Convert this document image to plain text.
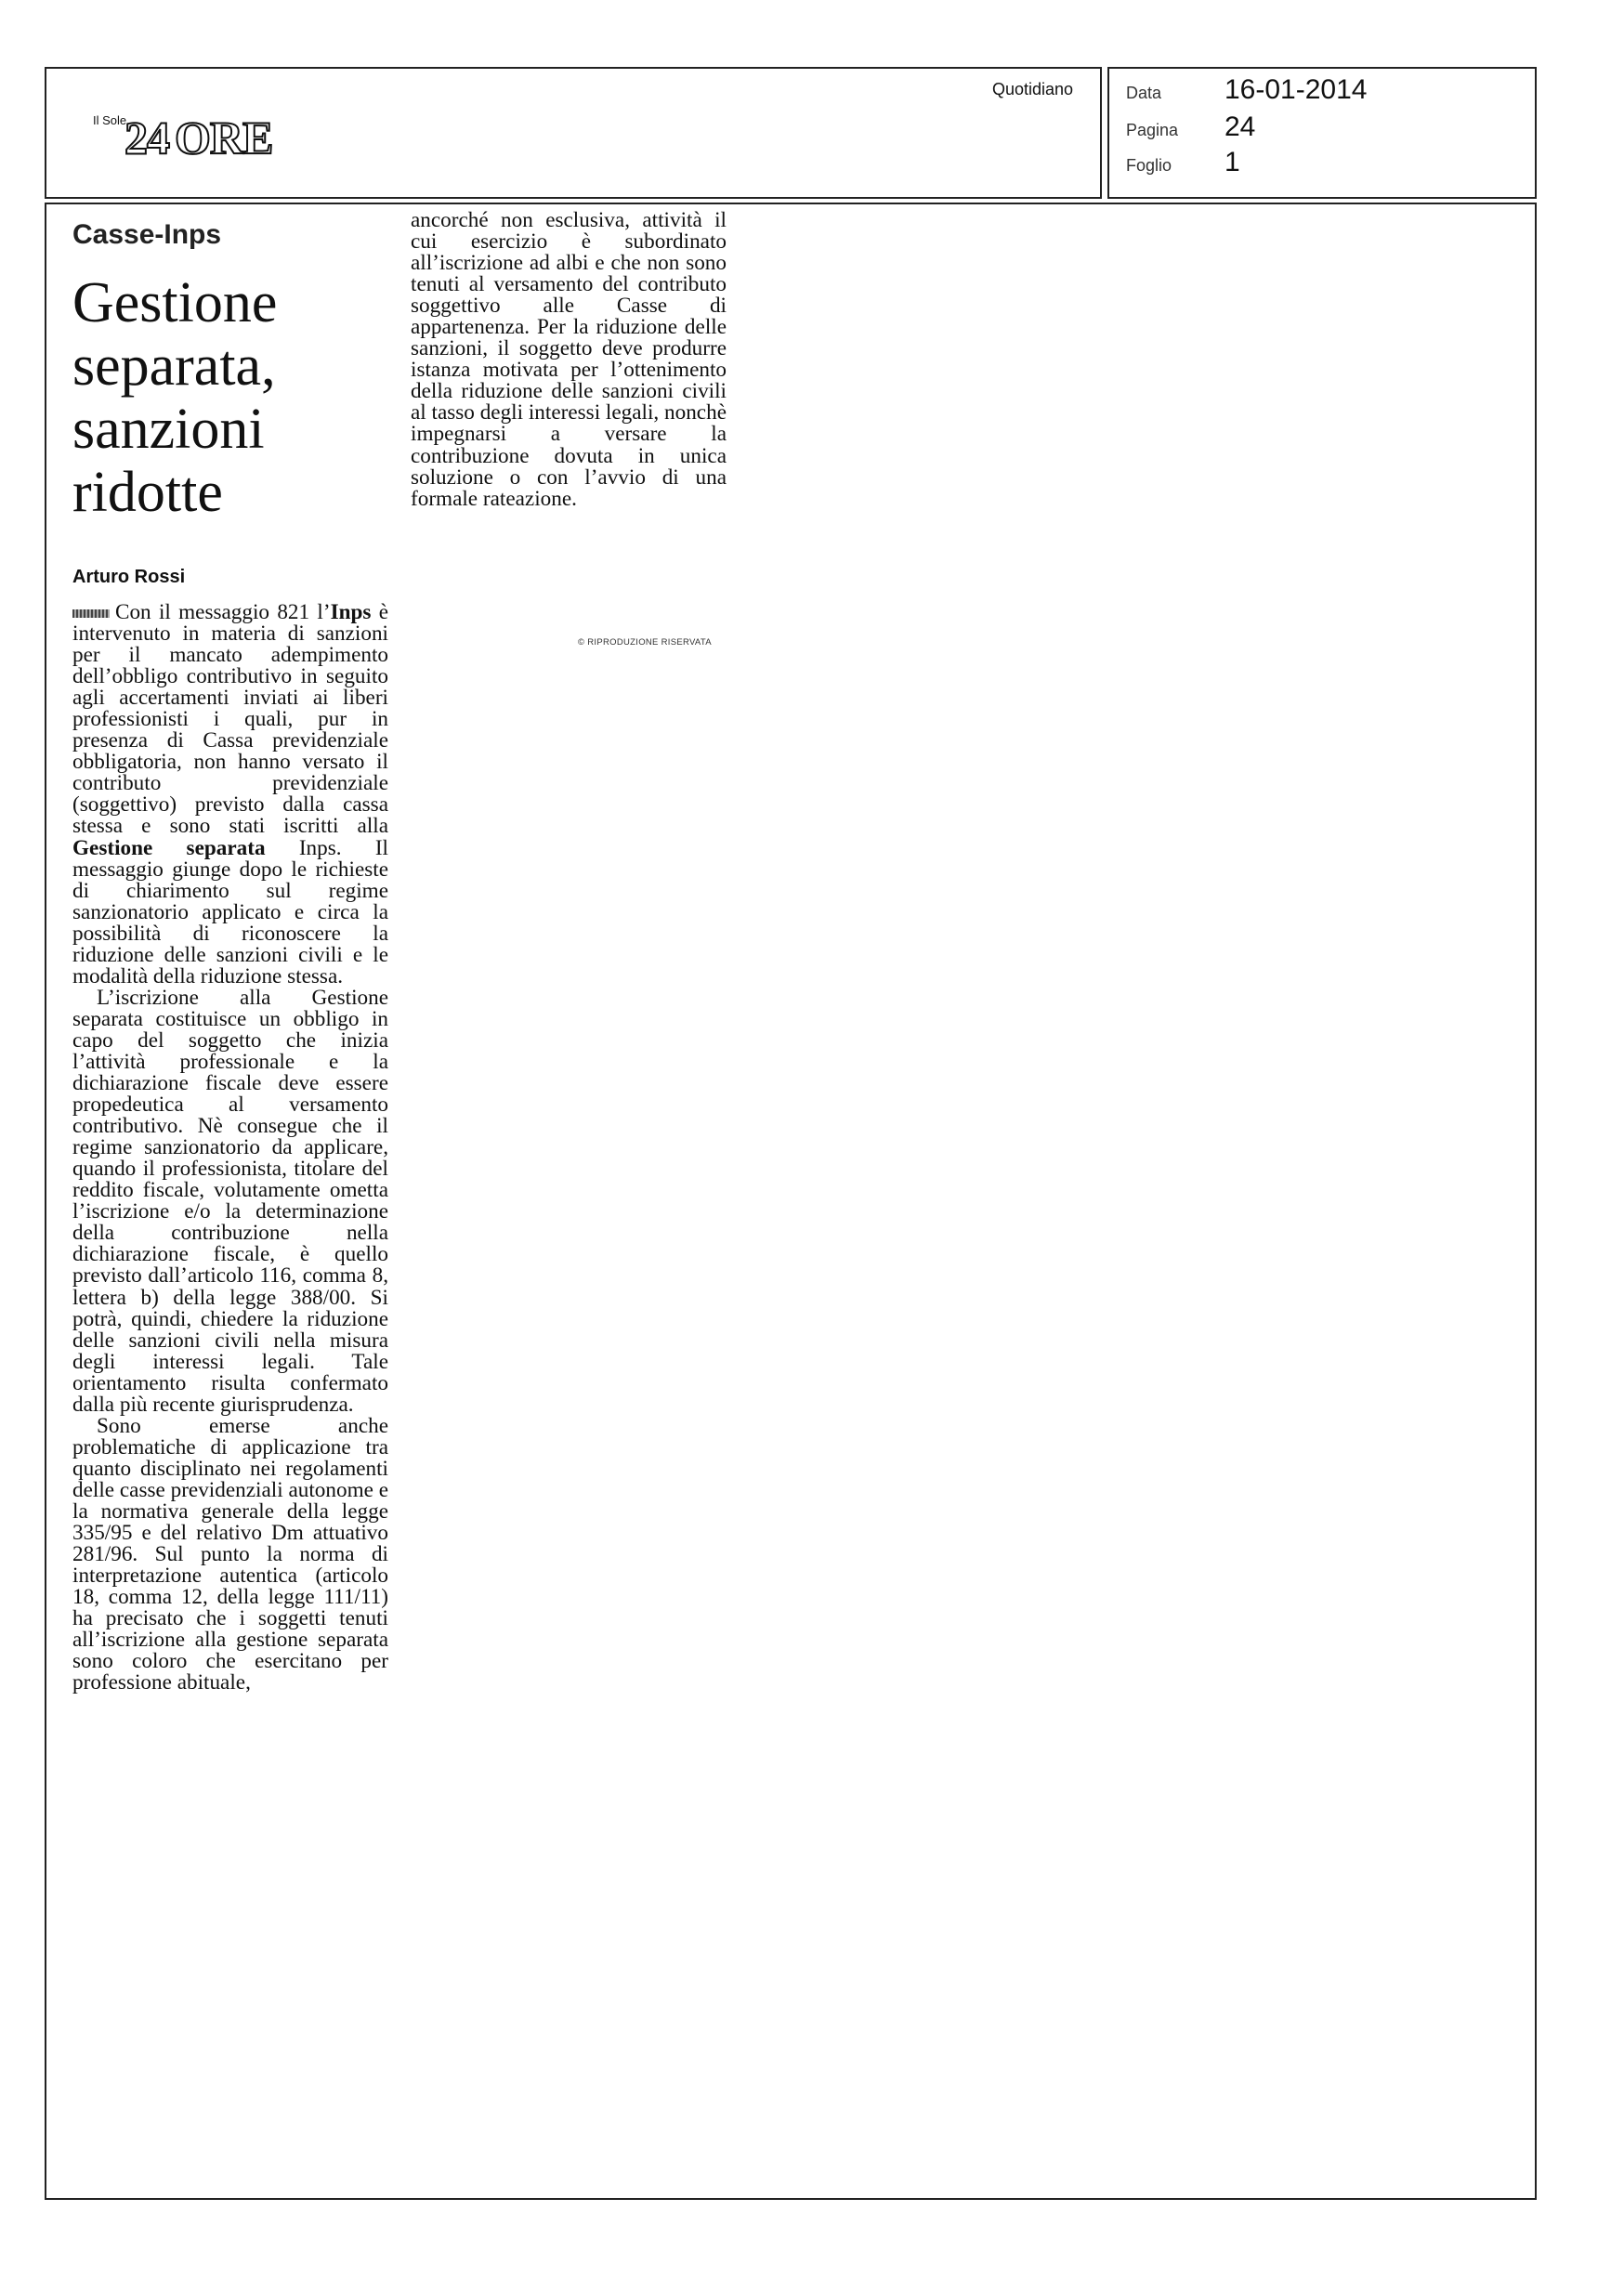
Il Sole
24 ORE
Quotidiano	Data 16-01-2014
Pagina 24
Foglio 1
Casse-Inps
Gestione
separata,
sanzioni
ridotte
Arturo Rossi

Con il messaggio 821 l’Inps è intervenuto in materia di sanzioni per il mancato adempimento dell’obbligo contributivo in seguito agli accertamenti inviati ai liberi professionisti i quali, pur in presenza di Cassa previdenziale obbligatoria, non hanno versato il contributo previdenziale (soggettivo) previsto dalla cassa stessa e sono stati iscritti alla Gestione separata Inps. Il messaggio giunge dopo le richieste di chiarimento sul regime sanzionatorio applicato e circa la possibilità di riconoscere la riduzione delle sanzioni civili e le modalità della riduzione stessa.

L’iscrizione alla Gestione separata costituisce un obbligo in capo del soggetto che inizia l’attività professionale e la dichiarazione fiscale deve essere propedeutica al versamento contributivo. Nè consegue che il regime sanzionatorio da applicare, quando il professionista, titolare del reddito fiscale, volutamente ometta l’iscrizione e/o la determinazione della contribuzione nella dichiarazione fiscale, è quello previsto dall’articolo 116, comma 8, lettera b) della legge 388/00. Si potrà, quindi, chiedere la riduzione delle sanzioni civili nella misura degli interessi legali. Tale orientamento risulta confermato dalla più recente giurisprudenza.

Sono emerse anche problematiche di applicazione tra quanto disciplinato nei regolamenti delle casse previdenziali autonome e la normativa generale della legge 335/95 e del relativo Dm attuativo 281/96. Sul punto la norma di interpretazione autentica (articolo 18, comma 12, della legge 111/11) ha precisato che i soggetti tenuti all’iscrizione alla gestione separata sono coloro che esercitano per professione abituale,

ancorché non esclusiva, attività il cui esercizio è subordinato all’iscrizione ad albi e che non sono tenuti al versamento del contributo soggettivo alle Casse di appartenenza. Per la riduzione delle sanzioni, il soggetto deve produrre istanza motivata per l’ottenimento della riduzione delle sanzioni civili al tasso degli interessi legali, nonchè impegnarsi a versare la contribuzione dovuta in unica soluzione o con l’avvio di una formale rateazione.

© RIPRODUZIONE RISERVATA
